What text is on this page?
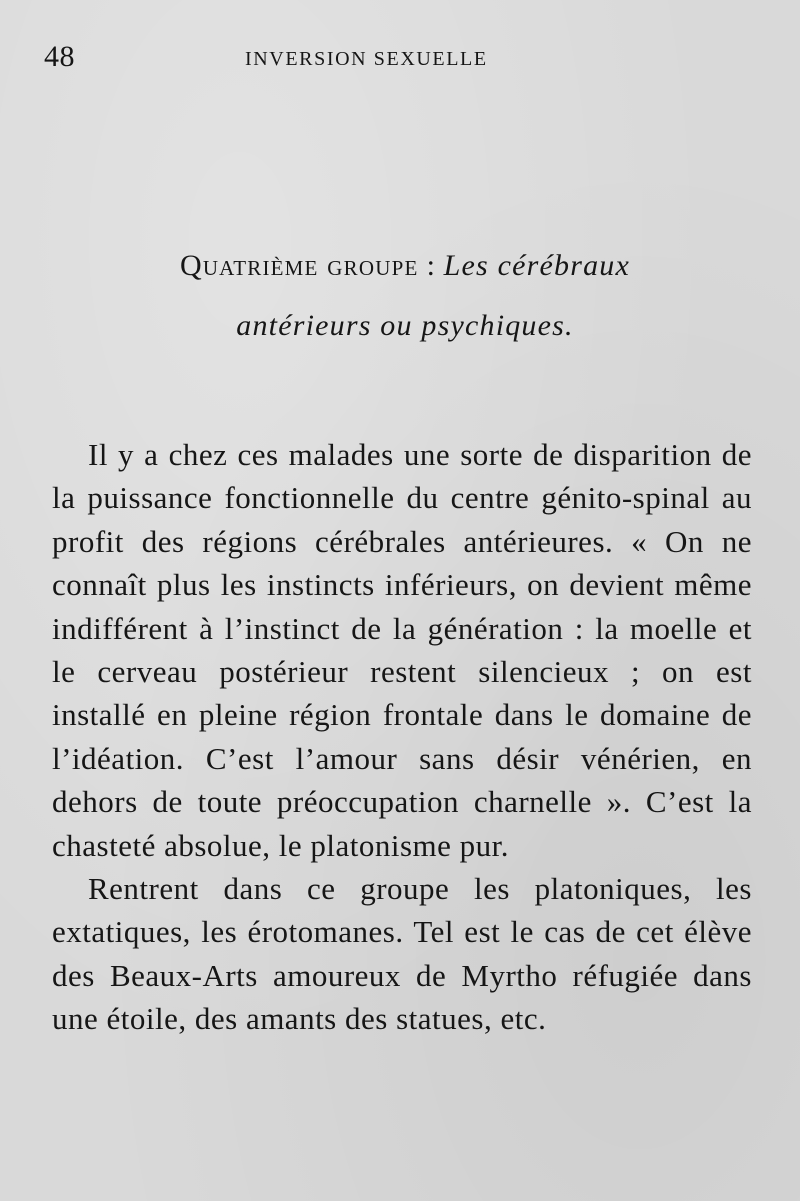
48	INVERSION SEXUELLE
Quatrième groupe : Les cérébraux
antérieurs ou psychiques.

Il y a chez ces malades une sorte de disparition de la puissance fonctionnelle du centre génito-spinal au profit des régions cérébrales antérieures. « On ne connaît plus les instincts inférieurs, on devient même indifférent à l’instinct de la génération : la moelle et le cerveau postérieur restent silencieux ; on est installé en pleine région frontale dans le domaine de l’idéation. C’est l’amour sans désir vénérien, en dehors de toute préoccupation charnelle ». C’est la chasteté absolue, le platonisme pur.

Rentrent dans ce groupe les platoniques, les extatiques, les érotomanes. Tel est le cas de cet élève des Beaux-Arts amoureux de Myrtho réfugiée dans une étoile, des amants des statues, etc.
